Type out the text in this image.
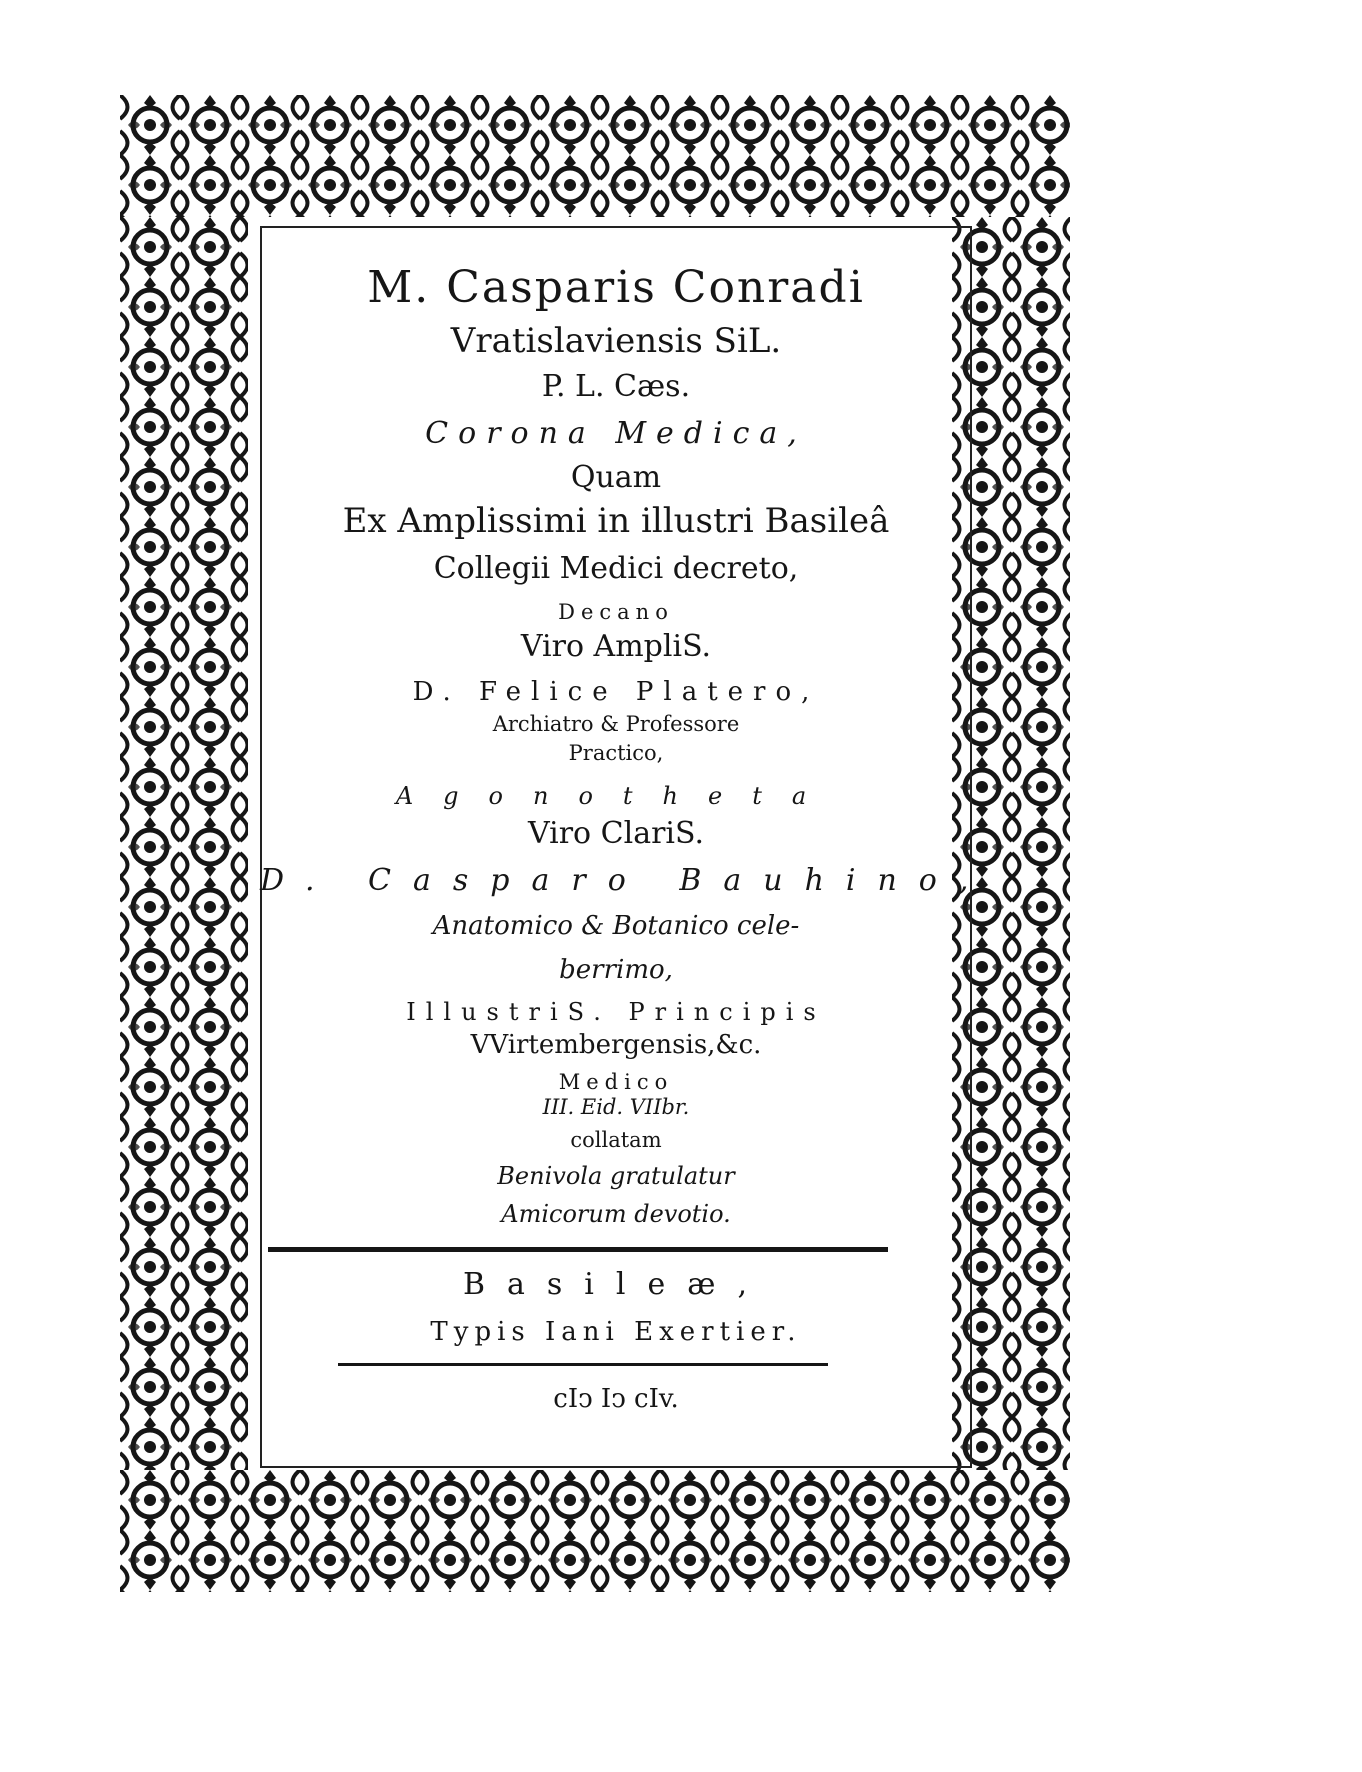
M. Casparis Conradi
Vratislaviensis SiL.
P. L. Cæs.
Corona Medica,
Quam
Ex Amplissimi in illustri Basileâ
Collegii Medici decreto,
Decano
Viro AmpliS.
D. Felice Platero,
Archiatro & Professore
Practico,
Agonotheta
Viro ClariS.
D. Casparo Bauhino,
Anatomico & Botanico cele-
berrimo,
IllustriS. Principis
VVirtembergensis,&c.
Medico
III. Eid. VIIbr.
collatam
Benivola gratulatur
Amicorum devotio.
Basileæ,
Typis Iani Exertier.
cIↄ Iↄ cIv.
